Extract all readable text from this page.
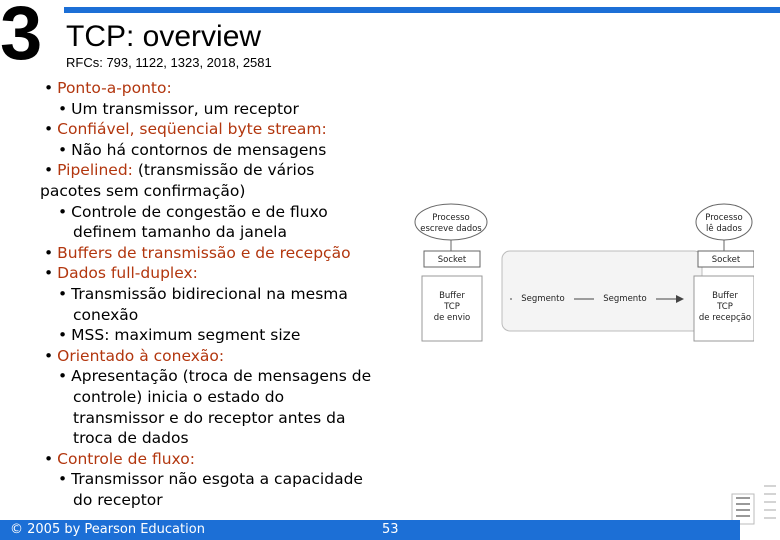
3 TCP: overview
RFCs: 793, 1122, 1323, 2018, 2581
• Ponto-a-ponto:
• Um transmissor, um receptor
• Confiável, seqüencial byte stream:
• Não há contornos de mensagens
• Pipelined: (transmissão de vários
pacotes sem confirmação)
• Controle de congestão e de fluxo
definem tamanho da janela
• Buffers de transmissão e de recepção
• Dados full-duplex:
• Transmissão bidirecional na mesma
conexão
• MSS: maximum segment size
• Orientado à conexão:
• Apresentação (troca de mensagens de
controle) inicia o estado do
transmissor e do receptor antes da
troca de dados
• Controle de fluxo:
• Transmissor não esgota a capacidade
do receptor
Processo
escreve dados
Processo
lê dados
Socket	Socket
Buffer
TCP
de envio
Buffer
TCP
de recepção
Segmento	Segmento
© 2005 by Pearson Education	53
